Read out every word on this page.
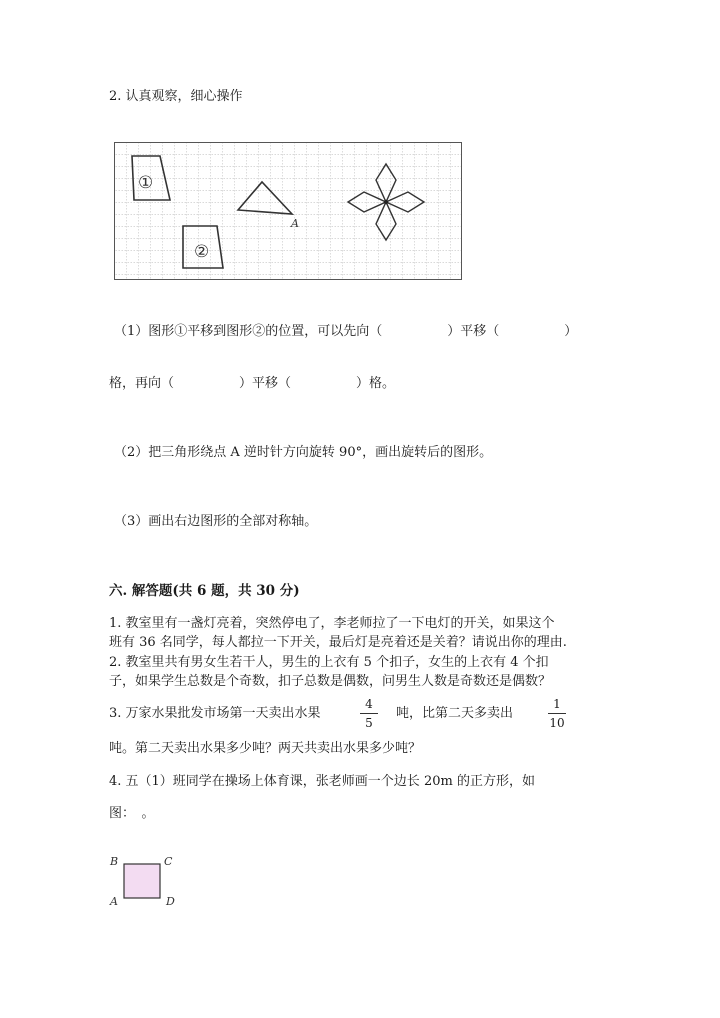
2. 认真观察，细心操作
①
②
A
（1）图形①平移到图形②的位置，可以先向（　　　　　）平移（　　　　　）
格，再向（　　　　　）平移（　　　　　）格。
（2）把三角形绕点 A 逆时针方向旋转 90°，画出旋转后的图形。
（3）画出右边图形的全部对称轴。
六. 解答题(共 6 题，共 30 分)
1. 教室里有一盏灯亮着，突然停电了，李老师拉了一下电灯的开关，如果这个
班有 36 名同学，每人都拉一下开关，最后灯是亮着还是关着？请说出你的理由.
2. 教室里共有男女生若干人，男生的上衣有 5 个扣子，女生的上衣有 4 个扣
子，如果学生总数是个奇数，扣子总数是偶数，问男生人数是奇数还是偶数？
3. 万家水果批发市场第一天卖出水果
4
5
吨，比第二天多卖出
1
10
吨。第二天卖出水果多少吨？两天共卖出水果多少吨？
4. 五（1）班同学在操场上体育课，张老师画一个边长 20m 的正方形，如
图：　。
B	C
A	D
